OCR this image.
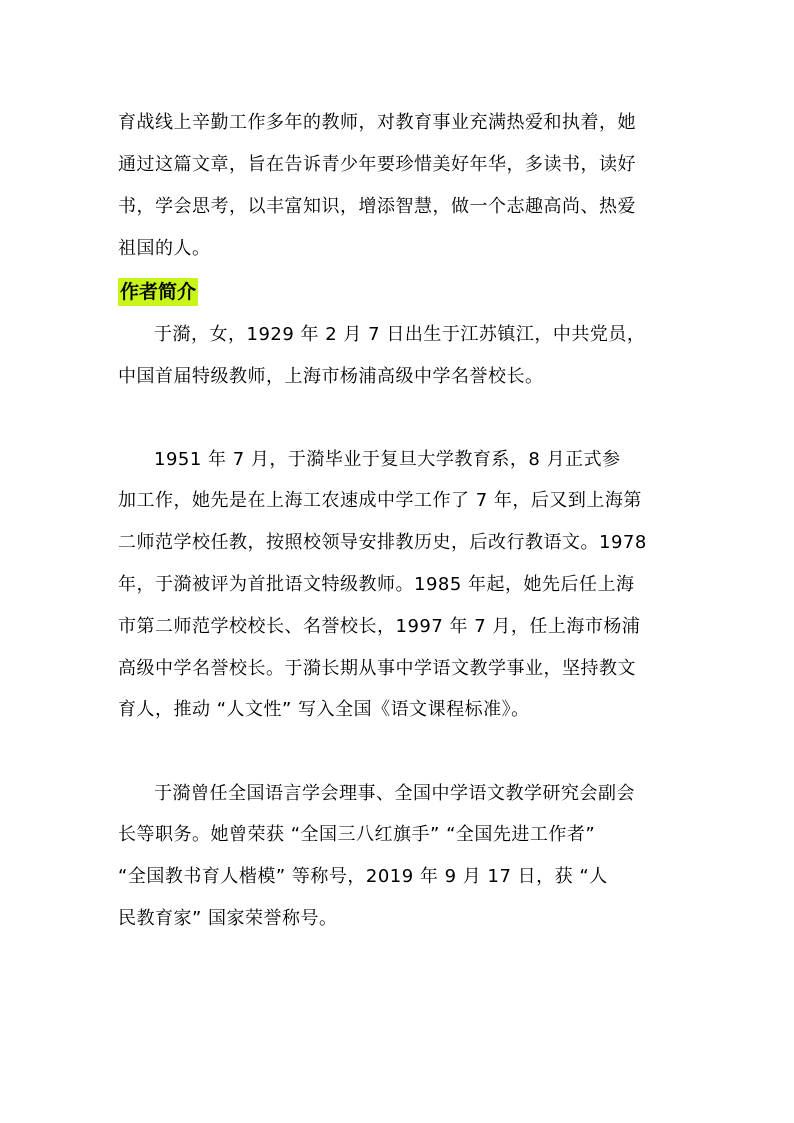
育战线上辛勤工作多年的教师，对教育事业充满热爱和执着，她
通过这篇文章，旨在告诉青少年要珍惜美好年华，多读书，读好
书，学会思考，以丰富知识，增添智慧，做一个志趣高尚、热爱
祖国的人。
作者简介
于漪，女，1929 年 2 月 7 日出生于江苏镇江，中共党员，
中国首届特级教师，上海市杨浦高级中学名誉校长。
1951 年 7 月，于漪毕业于复旦大学教育系，8 月正式参
加工作，她先是在上海工农速成中学工作了 7 年，后又到上海第
二师范学校任教，按照校领导安排教历史，后改行教语文。1978
年，于漪被评为首批语文特级教师。1985 年起，她先后任上海
市第二师范学校校长、名誉校长，1997 年 7 月，任上海市杨浦
高级中学名誉校长。于漪长期从事中学语文教学事业，坚持教文
育人，推动 “人文性” 写入全国《语文课程标准》。
于漪曾任全国语言学会理事、全国中学语文教学研究会副会
长等职务。她曾荣获 “全国三八红旗手” “全国先进工作者”
“全国教书育人楷模” 等称号，2019 年 9 月 17 日，获 “人
民教育家” 国家荣誉称号。
